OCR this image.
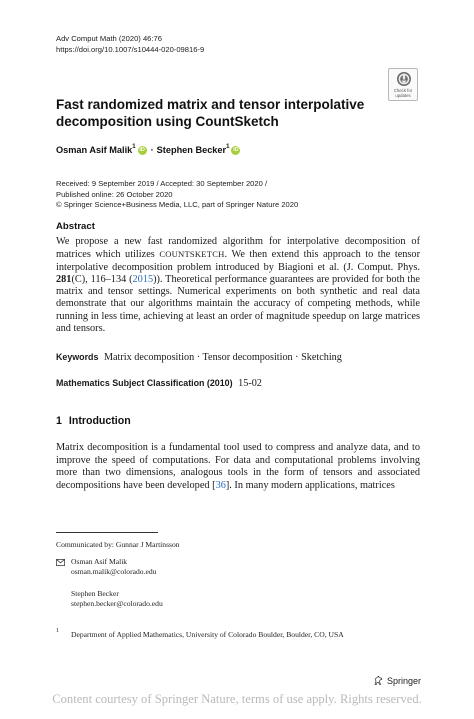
Adv Comput Math (2020) 46:76
https://doi.org/10.1007/s10444-020-09816-9
Check for
updates
Fast randomized matrix and tensor interpolative
decomposition using CountSketch
Osman Asif Malik$^1$ iD · Stephen Becker$^1$ iD
Received: 9 September 2019 / Accepted: 30 September 2020 /
Published online: 26 October 2020
© Springer Science+Business Media, LLC, part of Springer Nature 2020
Abstract
We propose a new fast randomized algorithm for interpolative decomposition of matrices which utilizes COUNTSKETCH. We then extend this approach to the tensor interpolative decomposition problem introduced by Biagioni et al. (J. Comput. Phys. 281(C), 116–134 (2015)). Theoretical performance guarantees are provided for both the matrix and tensor settings. Numerical experiments on both synthetic and real data demonstrate that our algorithms maintain the accuracy of competing methods, while running in less time, achieving at least an order of magnitude speedup on large matrices and tensors.
Keywords Matrix decomposition · Tensor decomposition · Sketching
Mathematics Subject Classification (2010) 15-02
1 Introduction
Matrix decomposition is a fundamental tool used to compress and analyze data, and to improve the speed of computations. For data and computational problems involving more than two dimensions, analogous tools in the form of tensors and associated decompositions have been developed [36]. In many modern applications, matrices
Communicated by: Gunnar J Martinsson
Osman Asif Malik
osman.malik@colorado.edu
Stephen Becker
stephen.becker@colorado.edu
1 Department of Applied Mathematics, University of Colorado Boulder, Boulder, CO, USA
Springer
Content courtesy of Springer Nature, terms of use apply. Rights reserved.
